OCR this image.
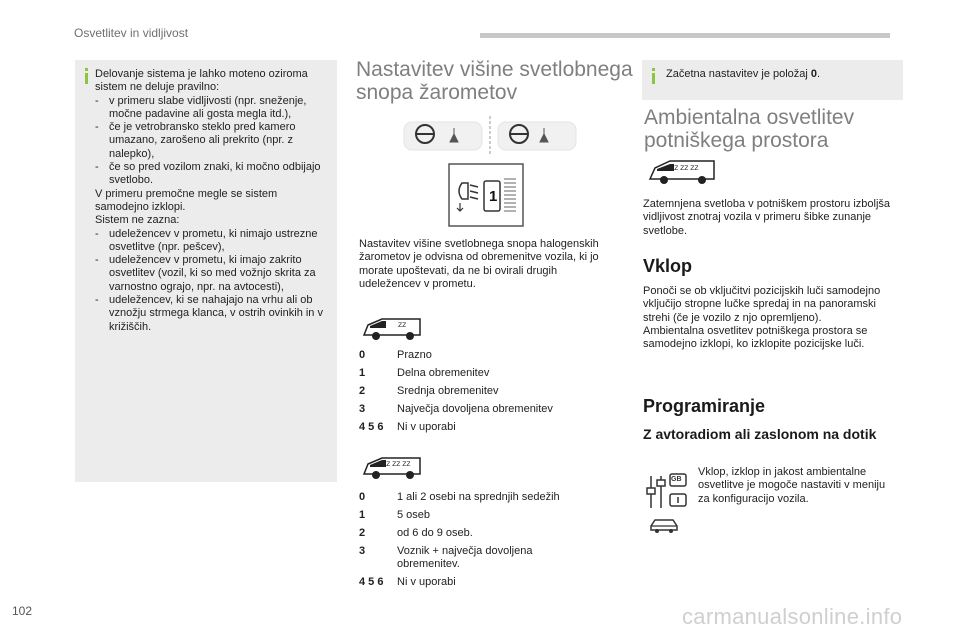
Osvetlitev in vidljivost
Delovanje sistema je lahko moteno oziroma sistem ne deluje pravilno:
- v primeru slabe vidljivosti (npr. sneženje, močne padavine ali gosta megla itd.),
- če je vetrobransko steklo pred kamero umazano, zarošeno ali prekrito (npr. z nalepko),
- če so pred vozilom znaki, ki močno odbijajo svetlobo.
V primeru premočne megle se sistem samodejno izklopi.
Sistem ne zazna:
- udeležencev v prometu, ki nimajo ustrezne osvetlitve (npr. pešcev),
- udeležencev v prometu, ki imajo zakrito osvetlitev (vozil, ki so med vožnjo skrita za varnostno ograjo, npr. na avtocesti),
- udeležencev, ki se nahajajo na vrhu ali ob vznožju strmega klanca, v ostrih ovinkih in v križiščih.
Nastavitev višine svetlobnega
snopa žarometov
1
Nastavitev višine svetlobnega snopa halogenskih žarometov je odvisna od obremenitve vozila, ki jo morate upoštevati, da ne bi ovirali drugih udeležencev v prometu.
ZZ
0	Prazno
1	Delna obremenitev
2	Srednja obremenitev
3	Največja dovoljena obremenitev
4 5 6	Ni v uporabi
ZZ ZZ ZZ
0	1 ali 2 osebi na sprednjih sedežih
1	5 oseb
2	od 6 do 9 oseb.
3	Voznik + največja dovoljena obremenitev.
4 5 6	Ni v uporabi
Začetna nastavitev je položaj 0.
Ambientalna osvetlitev
potniškega prostora
ZZ ZZ ZZ
Zatemnjena svetloba v potniškem prostoru izboljša vidljivost znotraj vozila v primeru šibke zunanje svetlobe.
Vklop
Ponoči se ob vključitvi pozicijskih luči samodejno vključijo stropne lučke spredaj in na panoramski strehi (če je vozilo z njo opremljeno).
Ambientalna osvetlitev potniškega prostora se samodejno izklopi, ko izklopite pozicijske luči.
Programiranje
Z avtoradiom ali zaslonom na dotik
GB
Vklop, izklop in jakost ambientalne osvetlitve je mogoče nastaviti v meniju za konfiguracijo vozila.
102	carmanualsonline.info
